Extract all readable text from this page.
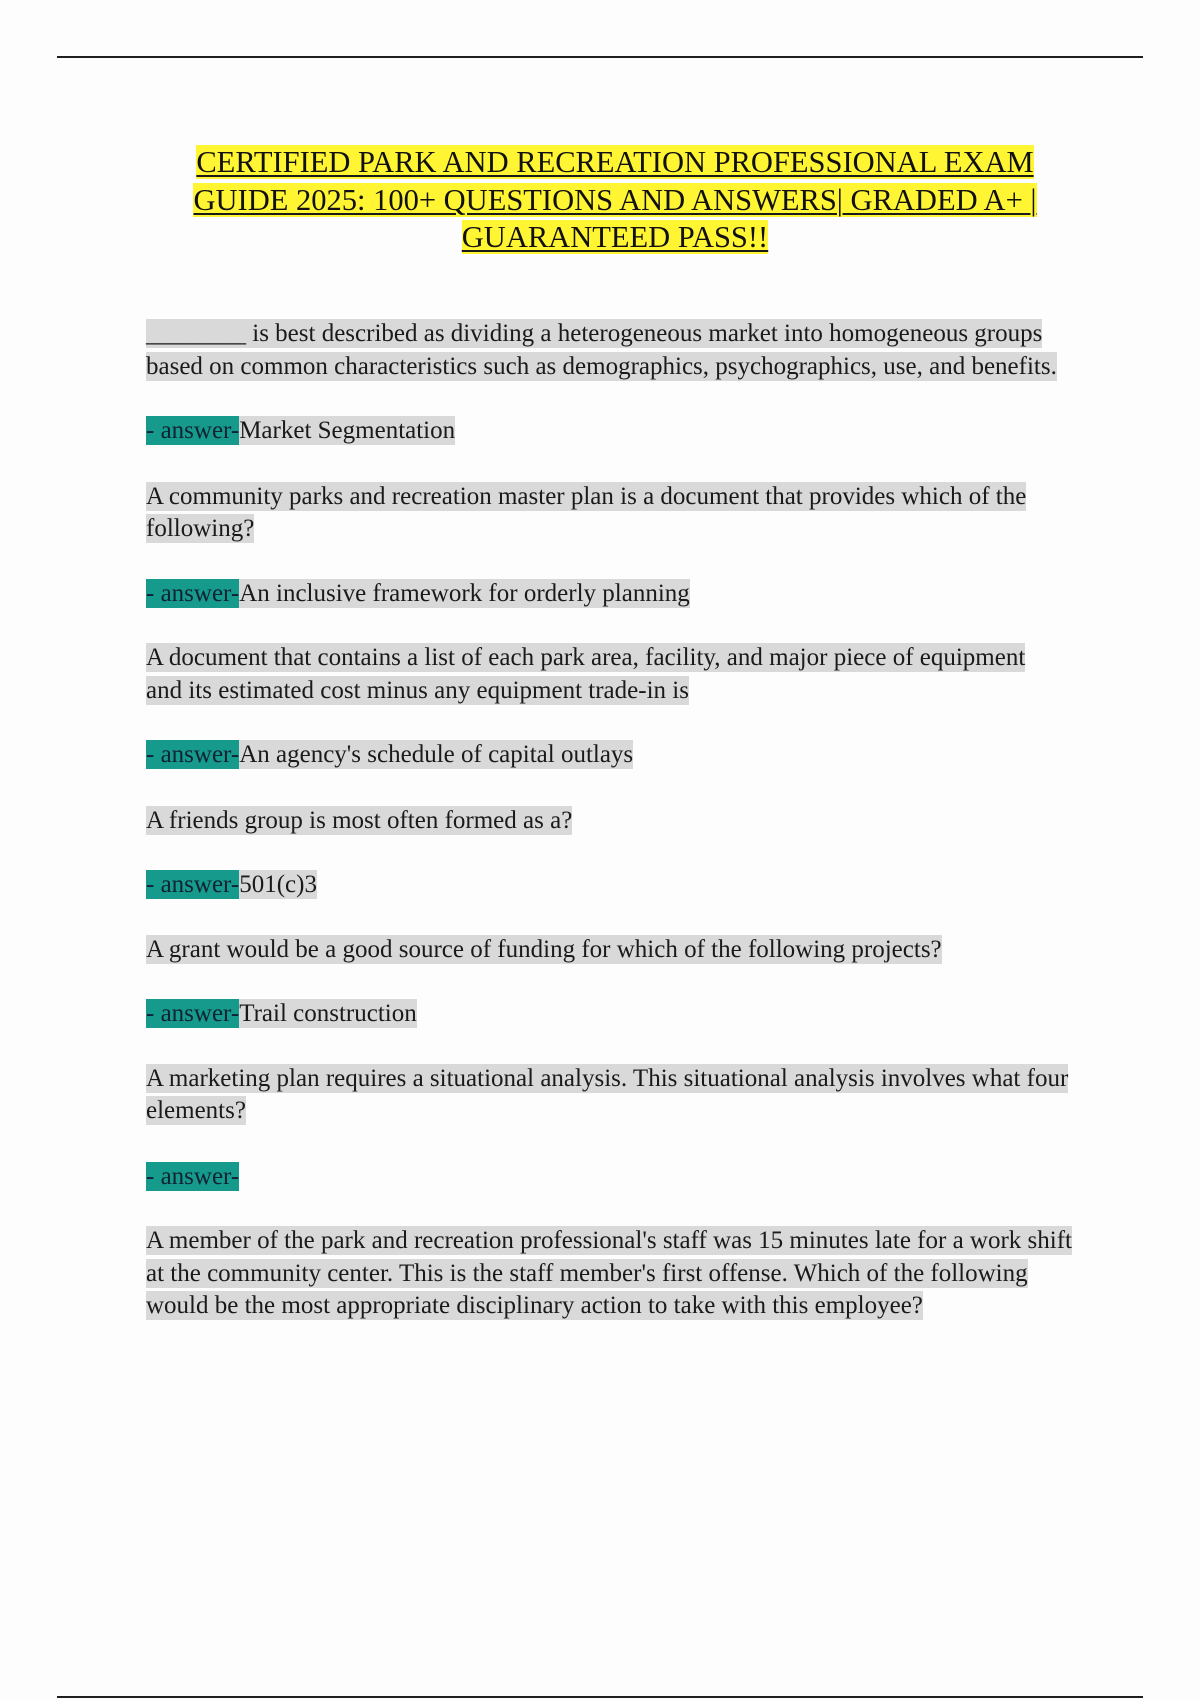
CERTIFIED PARK AND RECREATION PROFESSIONAL EXAM
GUIDE 2025: 100+ QUESTIONS AND ANSWERS| GRADED A+ |
GUARANTEED PASS!!

________ is best described as dividing a heterogeneous market into homogeneous groups based on common characteristics such as demographics, psychographics, use, and benefits.

- answer-Market Segmentation

A community parks and recreation master plan is a document that provides which of the following?

- answer-An inclusive framework for orderly planning

A document that contains a list of each park area, facility, and major piece of equipment and its estimated cost minus any equipment trade-in is

- answer-An agency's schedule of capital outlays

A friends group is most often formed as a?

- answer-501(c)3

A grant would be a good source of funding for which of the following projects?

- answer-Trail construction

A marketing plan requires a situational analysis. This situational analysis involves what four elements?

- answer-

A member of the park and recreation professional's staff was 15 minutes late for a work shift at the community center. This is the staff member's first offense. Which of the following would be the most appropriate disciplinary action to take with this employee?
